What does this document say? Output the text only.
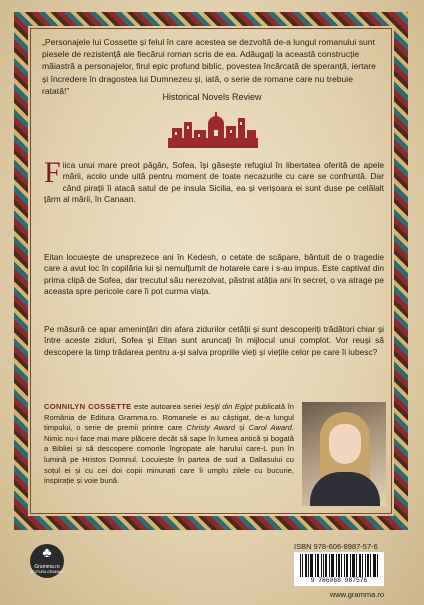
„Personajele lui Cossette și felul în care acestea se dezvoltă de-a lungul romanului sunt piesele de rezistență ale fiecărui roman scris de ea. Adăugați la această construcție măiastră a personajelor, firul epic profund biblic, povestea încărcată de speranță, iertare și încredere în dragostea lui Dumnezeu și, iată, o serie de romane care nu trebuie ratată!”
Historical Novels Review

Fiica unui mare preot păgân, Sofea, își găsește refugiul în libertatea oferită de apele mării, acolo unde uită pentru moment de toate necazurile cu care se confruntă. Dar când pirații îi atacă satul de pe insula Sicilia, ea și verișoara ei sunt duse pe celălalt țărm al mării, în Canaan.

Eitan locuiește de unsprezece ani în Kedesh, o cetate de scăpare, bântuit de o tragedie care a avut loc în copilăria lui și nemulțumit de hotarele care i s-au impus. Este captivat din prima clipă de Sofea, dar trecutul său nerezolvat, păstrat atâția ani în secret, o va atrage pe aceasta spre pericole care îi pot curma viața.

Pe măsură ce apar amenințări din afara zidurilor cetății și sunt descoperiți trădători chiar și între aceste ziduri, Sofea și Eitan sunt aruncați în mijlocul unui complot. Vor reuși să descopere la timp trădarea pentru a-și salva propriile vieți și viețile celor pe care îi iubesc?

CONNILYN COSSETTE este autoarea seriei Ieșiți din Egipt publicată în România de Editura Gramma.ro. Romanele ei au câștigat, de-a lungul timpului, o serie de premii printre care Christy Award și Carol Award. Nimic nu-i face mai mare plăcere decât să sape în lumea antică și bogată a Bibliei și să descopere comorile îngropate ale harului care-L pun în lumină pe Hristos Domnul. Locuiește în partea de sud a Dallasului cu soțul ei și cu cei doi copii minunați care îi umplu zilele cu bucurie, inspirație și voie bună.
♣
Gramma.ro
EDITURA GRAMMA
ISBN 978-606-8987-57-6
9 786068 987576
www.gramma.ro
